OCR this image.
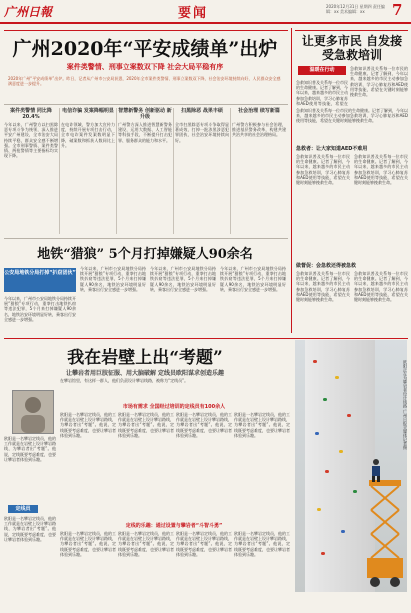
广州日報	要闻	2020年12月31日 星期四 责任编辑：xx 美术编辑：xx	7
广州2020年“平安成绩单”出炉
案件类警情、刑事立案数双下降 社会大局平稳有序
2020年广州“平安成绩单”出炉。昨日，记者从广州市公安局获悉，2020年全市案件类警情、刑事立案数双下降，社会治安环境持续向好，人民群众安全感满意度进一步提升。
案件类警情 同比降20.4%
电信诈骗 发案降幅明显 智慧新警务 创新驱动 新升级
扫黑除恶 战果丰硕	社会治理 续写新篇
今年以来，广州警方以扫黑除恶专项斗争为统领，深入推进平安广州建设，全市治安大局持续平稳，群众安全感不断增强。全市刑事警情、案件类警情、两抢警情等主要指标均实现下降。
在电诈领域，警方加大宣传力度，持续开展专项打击行动，全市电诈案件发案数明显下降，破案数和抓获人数同比上升。
广州警方深入推进智慧新警务建设，运用大数据、人工智能等科技手段，不断提升打击犯罪、服务群众的能力和水平。
全市扫黑除恶专项斗争取得显著成效，打掉一批涉黑涉恶犯罪团伙，社会治安环境持续向好。
广州警方积极参与社会治理，推进基层警务改革，构建共建共治共享的社会治理格局。
地铁“猎狼” 5个月打掉嫌疑人90余名
公安局地铁分局打掉“扒窃团伙”
今年以来，广州市公安局地铁分局持续开展“猎狼”专项行动，重拳打击地铁扒窃等违法犯罪，5个月来打掉嫌疑人90余名，地铁治安环境明显好转，乘客出行安全感进一步增强。
今年以来，广州市公安局地铁分局持续开展“猎狼”专项行动，重拳打击地铁扒窃等违法犯罪，5个月来打掉嫌疑人90余名，地铁治安环境明显好转，乘客出行安全感进一步增强。
今年以来，广州市公安局地铁分局持续开展“猎狼”专项行动，重拳打击地铁扒窃等违法犯罪，5个月来打掉嫌疑人90余名，地铁治安环境明显好转，乘客出行安全感进一步增强。
今年以来，广州市公安局地铁分局持续开展“猎狼”专项行动，重拳打击地铁扒窃等违法犯罪，5个月来打掉嫌疑人90余名，地铁治安环境明显好转，乘客出行安全感进一步增强。
让更多市民 自发接受急救培训
温暖在行动	急救知识普及关系每一位市民的生命健康。记者了解到，今年以来，越来越多的市民主动参加急救培训，学习心肺复苏和AED使用等技能，希望在关键时刻能够挽救生命。
急救知识普及关系每一位市民的生命健康。记者了解到，今年以来，越来越多的市民主动参加急救培训，学习心肺复苏和AED使用等技能，希望在
急救知识普及关系每一位市民的生命健康。记者了解到，今年以来，越来越多的市民主动参加急救培训，学习心肺复苏和AED使用等技能，希望在关键时刻能够挽救生命。
急救者：让大家知道AED不难用
急救知识普及关系每一位市民的生命健康。记者了解到，今年以来，越来越多的市民主动参加急救培训，学习心肺复苏和AED使用等技能，希望在关键时刻能够挽救生命。
急救知识普及关系每一位市民的生命健康。记者了解到，今年以来，越来越多的市民主动参加急救培训，学习心肺复苏和AED使用等技能，希望在关键时刻能够挽救生命。
做督促：会急救还得被急救
急救知识普及关系每一位市民的生命健康。记者了解到，今年以来，越来越多的市民主动参加急救培训，学习心肺复苏和AED使用等技能，希望在关键时刻能够挽救生命。
急救知识普及关系每一位市民的生命健康。记者了解到，今年以来，越来越多的市民主动参加急救培训，学习心肺复苏和AED使用等技能，希望在关键时刻能够挽救生命。
我在岩壁上出“考题”
让攀岩者用巨肢征服、用大脑破解 定线员欧阳谋求创造乐趣
在攀岩馆里，有这样一群人，他们负责设计攀岩线路，被称为“定线员”。
欧阳是一名攀岩定线员，他的工作就是在岩壁上设计攀岩路线，为攀岩者出“考题”。他说，定线既要考虑难度，也要让攀岩者体验到乐趣。
定线员
欧阳是一名攀岩定线员，他的工作就是在岩壁上设计攀岩路线，为攀岩者出“考题”。他说，定线既要考虑难度，也要让攀岩者体验到乐趣。
市场有需求 全国经过培训的定线员有100余人
欧阳是一名攀岩定线员，他的工作就是在岩壁上设计攀岩路线，为攀岩者出“考题”。他说，定线既要考虑难度，也要让攀岩者体验到乐趣。
欧阳是一名攀岩定线员，他的工作就是在岩壁上设计攀岩路线，为攀岩者出“考题”。他说，定线既要考虑难度，也要让攀岩者体验到乐趣。
欧阳是一名攀岩定线员，他的工作就是在岩壁上设计攀岩路线，为攀岩者出“考题”。他说，定线既要考虑难度，也要让攀岩者体验到乐趣。
欧阳是一名攀岩定线员，他的工作就是在岩壁上设计攀岩路线，为攀岩者出“考题”。他说，定线既要考虑难度，也要让攀岩者体验到乐趣。
定线的乐趣：通过设置与攀岩者“斗智斗勇”
欧阳是一名攀岩定线员，他的工作就是在岩壁上设计攀岩路线，为攀岩者出“考题”。他说，定线既要考虑难度，也要让攀岩者体验到乐趣。
欧阳是一名攀岩定线员，他的工作就是在岩壁上设计攀岩路线，为攀岩者出“考题”。他说，定线既要考虑难度，也要让攀岩者体验到乐趣。
欧阳是一名攀岩定线员，他的工作就是在岩壁上设计攀岩路线，为攀岩者出“考题”。他说，定线既要考虑难度，也要让攀岩者体验到乐趣。
欧阳是一名攀岩定线员，他的工作就是在岩壁上设计攀岩路线，为攀岩者出“考题”。他说，定线既要考虑难度，也要让攀岩者体验到乐趣。
欧阳正在为攀岩者设计线路 广州日报全媒体记者摄
